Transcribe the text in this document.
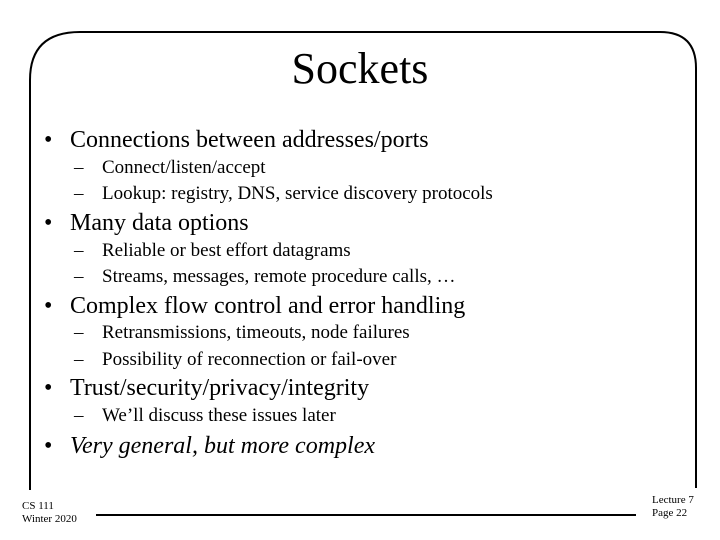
Sockets
• Connections between addresses/ports
– Connect/listen/accept
– Lookup: registry, DNS, service discovery protocols
• Many data options
– Reliable or best effort datagrams
– Streams, messages, remote procedure calls, …
• Complex flow control and error handling
– Retransmissions, timeouts, node failures
– Possibility of reconnection or fail-over
• Trust/security/privacy/integrity
– We’ll discuss these issues later
• Very general, but more complex
CS 111
Winter 2020
Lecture 7
Page 22
